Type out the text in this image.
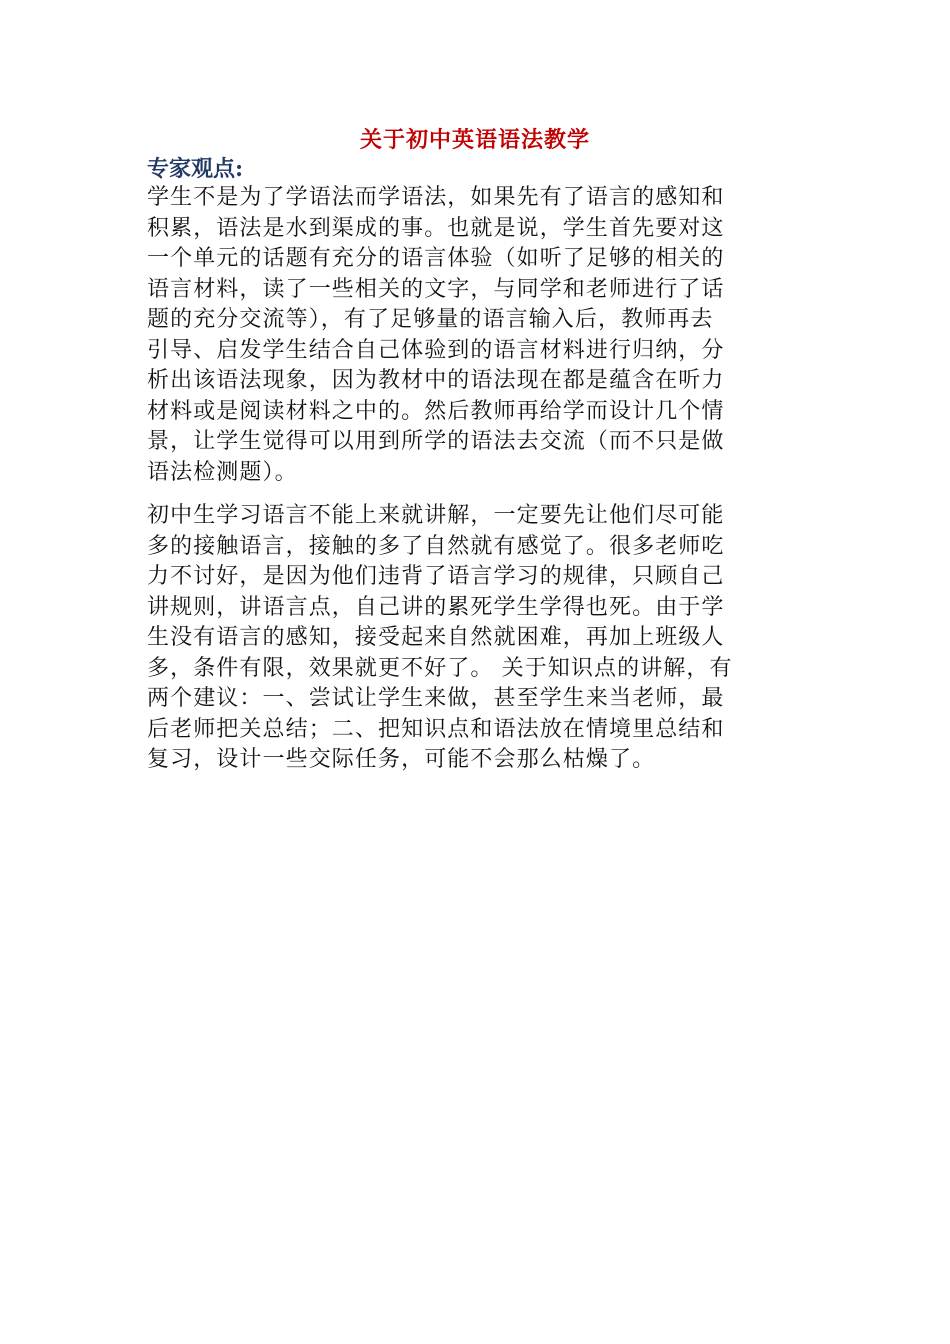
关于初中英语语法教学
专家观点:
学生不是为了学语法而学语法，如果先有了语言的感知和
积累，语法是水到渠成的事。也就是说，学生首先要对这
一个单元的话题有充分的语言体验（如听了足够的相关的
语言材料，读了一些相关的文字，与同学和老师进行了话
题的充分交流等），有了足够量的语言输入后，教师再去
引导、启发学生结合自己体验到的语言材料进行归纳，分
析出该语法现象，因为教材中的语法现在都是蕴含在听力
材料或是阅读材料之中的。然后教师再给学而设计几个情
景，让学生觉得可以用到所学的语法去交流（而不只是做
语法检测题）。
初中生学习语言不能上来就讲解，一定要先让他们尽可能
多的接触语言，接触的多了自然就有感觉了。很多老师吃
力不讨好，是因为他们违背了语言学习的规律，只顾自己
讲规则，讲语言点，自己讲的累死学生学得也死。由于学
生没有语言的感知，接受起来自然就困难，再加上班级人
多，条件有限，效果就更不好了。 关于知识点的讲解，有
两个建议：一、尝试让学生来做，甚至学生来当老师，最
后老师把关总结；二、把知识点和语法放在情境里总结和
复习，设计一些交际任务，可能不会那么枯燥了。
